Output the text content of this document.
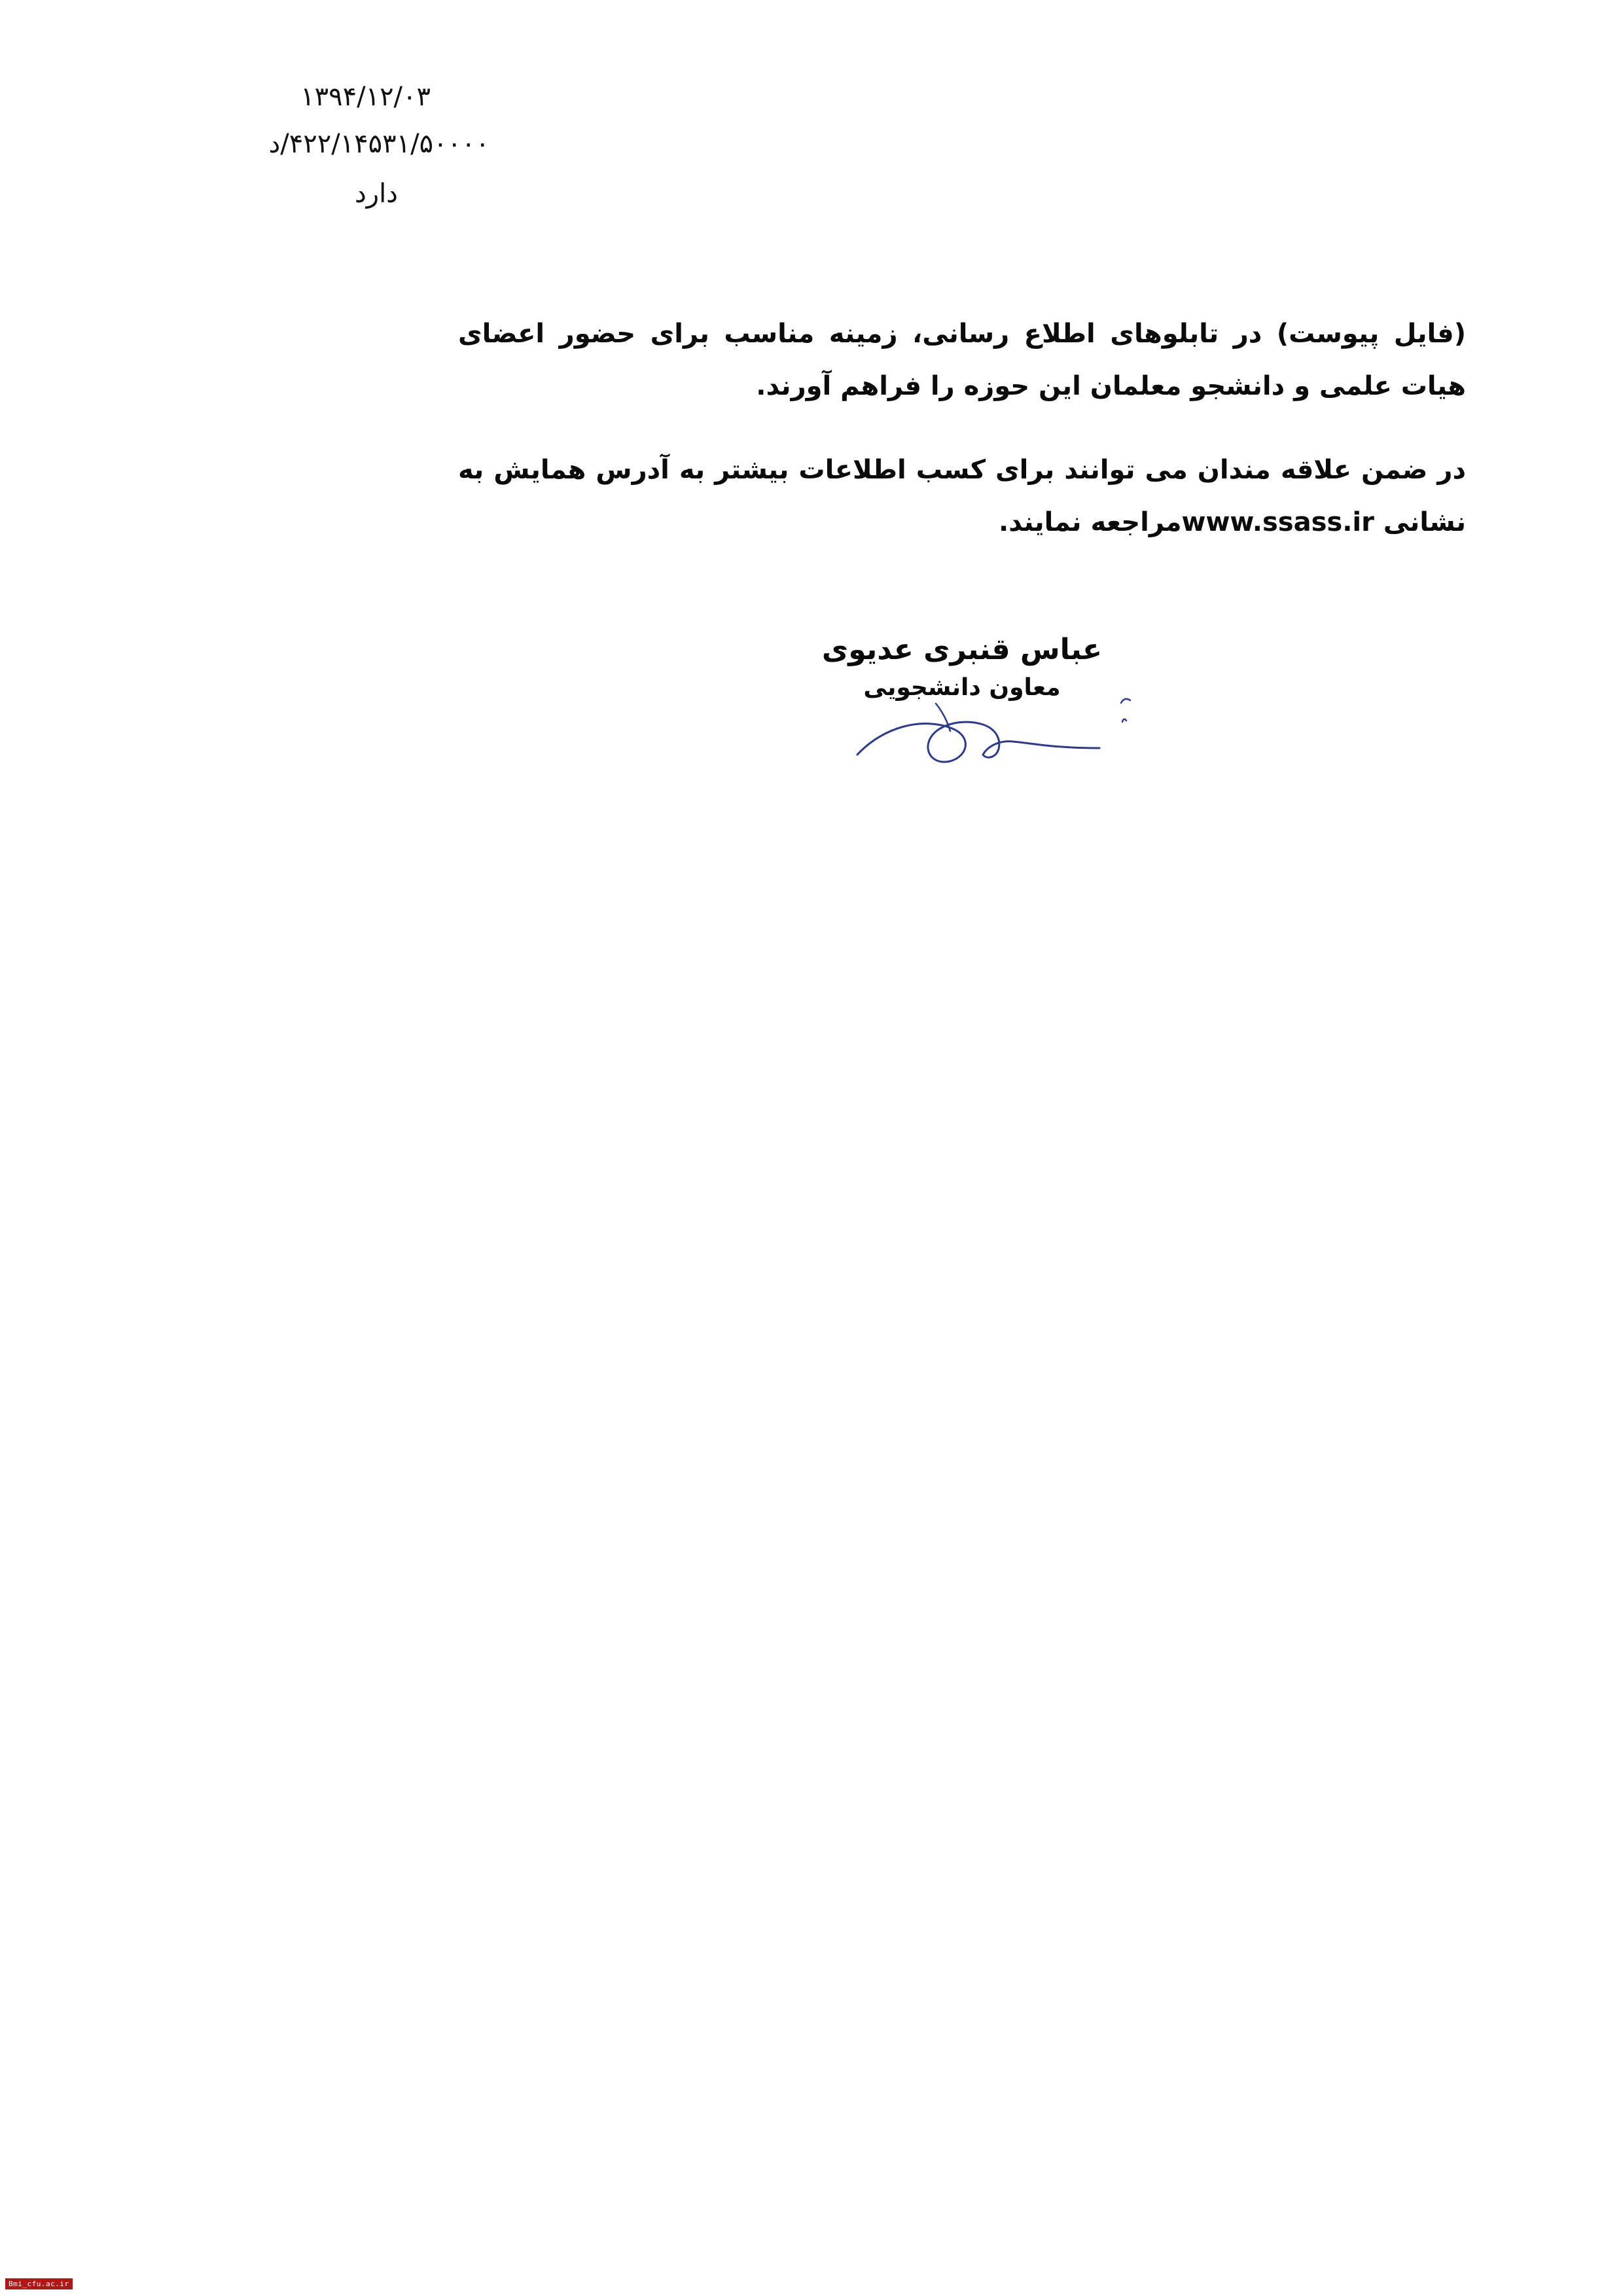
۱۳۹۴/۱۲/۰۳
۴۲۲/۱۴۵۳۱/۵۰۰۰۰/د
دارد

(فایل پیوست) در تابلوهای اطلاع رسانی، زمینه مناسب برای حضور اعضای هیات علمی و دانشجو معلمان این حوزه را فراهم آورند.

در ضمن علاقه مندان می توانند برای کسب اطلاعات بیشتر به آدرس همایش به نشانی www.ssass.irمراجعه نمایند.

عباس قنبری عدیوی
معاون دانشجویی
Bmi_cfu.ac.ir
